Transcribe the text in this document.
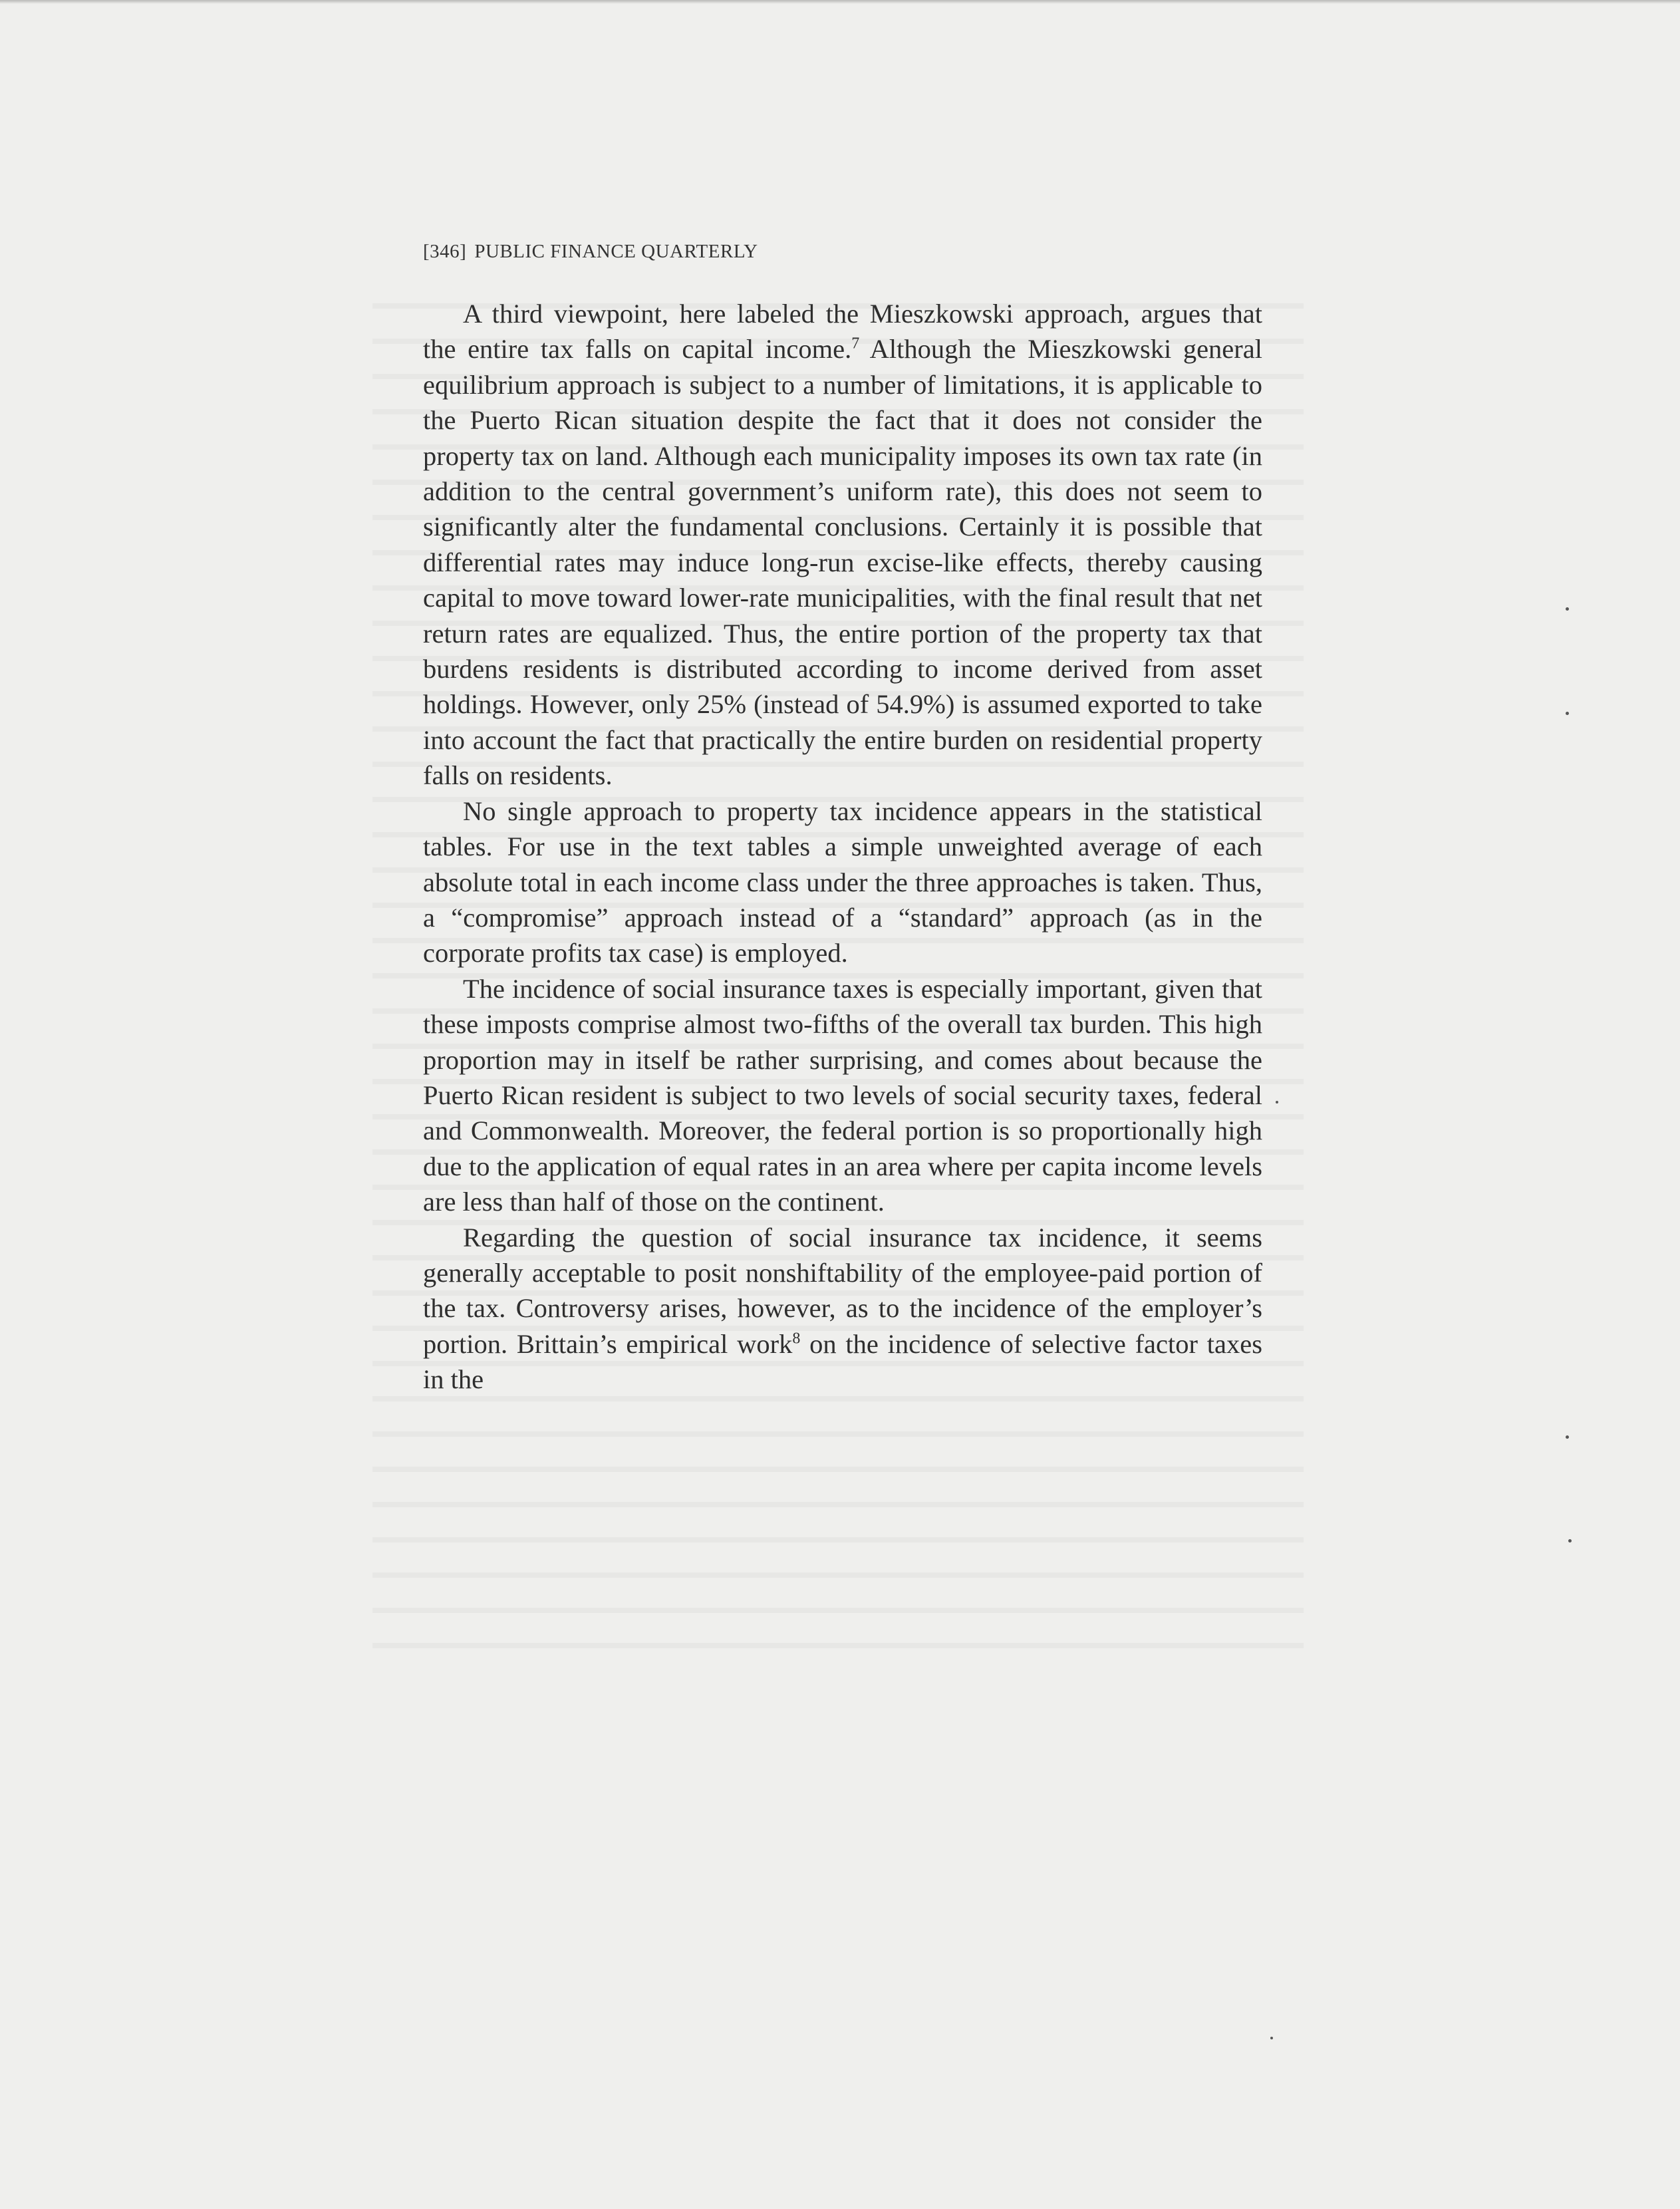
[346] PUBLIC FINANCE QUARTERLY

A third viewpoint, here labeled the Mieszkowski approach, argues that the entire tax falls on capital income.$^7$ Although the Mieszkowski general equilibrium approach is subject to a number of limitations, it is applicable to the Puerto Rican situation despite the fact that it does not consider the property tax on land. Although each municipality imposes its own tax rate (in addition to the central government’s uniform rate), this does not seem to significantly alter the fundamental conclusions. Certainly it is possible that differential rates may induce long-run excise-like effects, thereby causing capital to move toward lower-rate municipalities, with the final result that net return rates are equalized. Thus, the entire portion of the property tax that burdens residents is distributed according to income derived from asset holdings. However, only 25% (instead of 54.9%) is assumed exported to take into account the fact that practically the entire burden on residential property falls on residents.

No single approach to property tax incidence appears in the statistical tables. For use in the text tables a simple unweighted average of each absolute total in each income class under the three approaches is taken. Thus, a “compromise” approach instead of a “standard” approach (as in the corporate profits tax case) is employed.

The incidence of social insurance taxes is especially important, given that these imposts comprise almost two-fifths of the overall tax burden. This high proportion may in itself be rather surprising, and comes about because the Puerto Rican resident is subject to two levels of social security taxes, federal and Commonwealth. Moreover, the federal portion is so proportionally high due to the application of equal rates in an area where per capita income levels are less than half of those on the continent.

Regarding the question of social insurance tax incidence, it seems generally acceptable to posit nonshiftability of the employee-paid portion of the tax. Controversy arises, however, as to the incidence of the employer’s portion. Brittain’s empirical work$^8$ on the incidence of selective factor taxes in the
